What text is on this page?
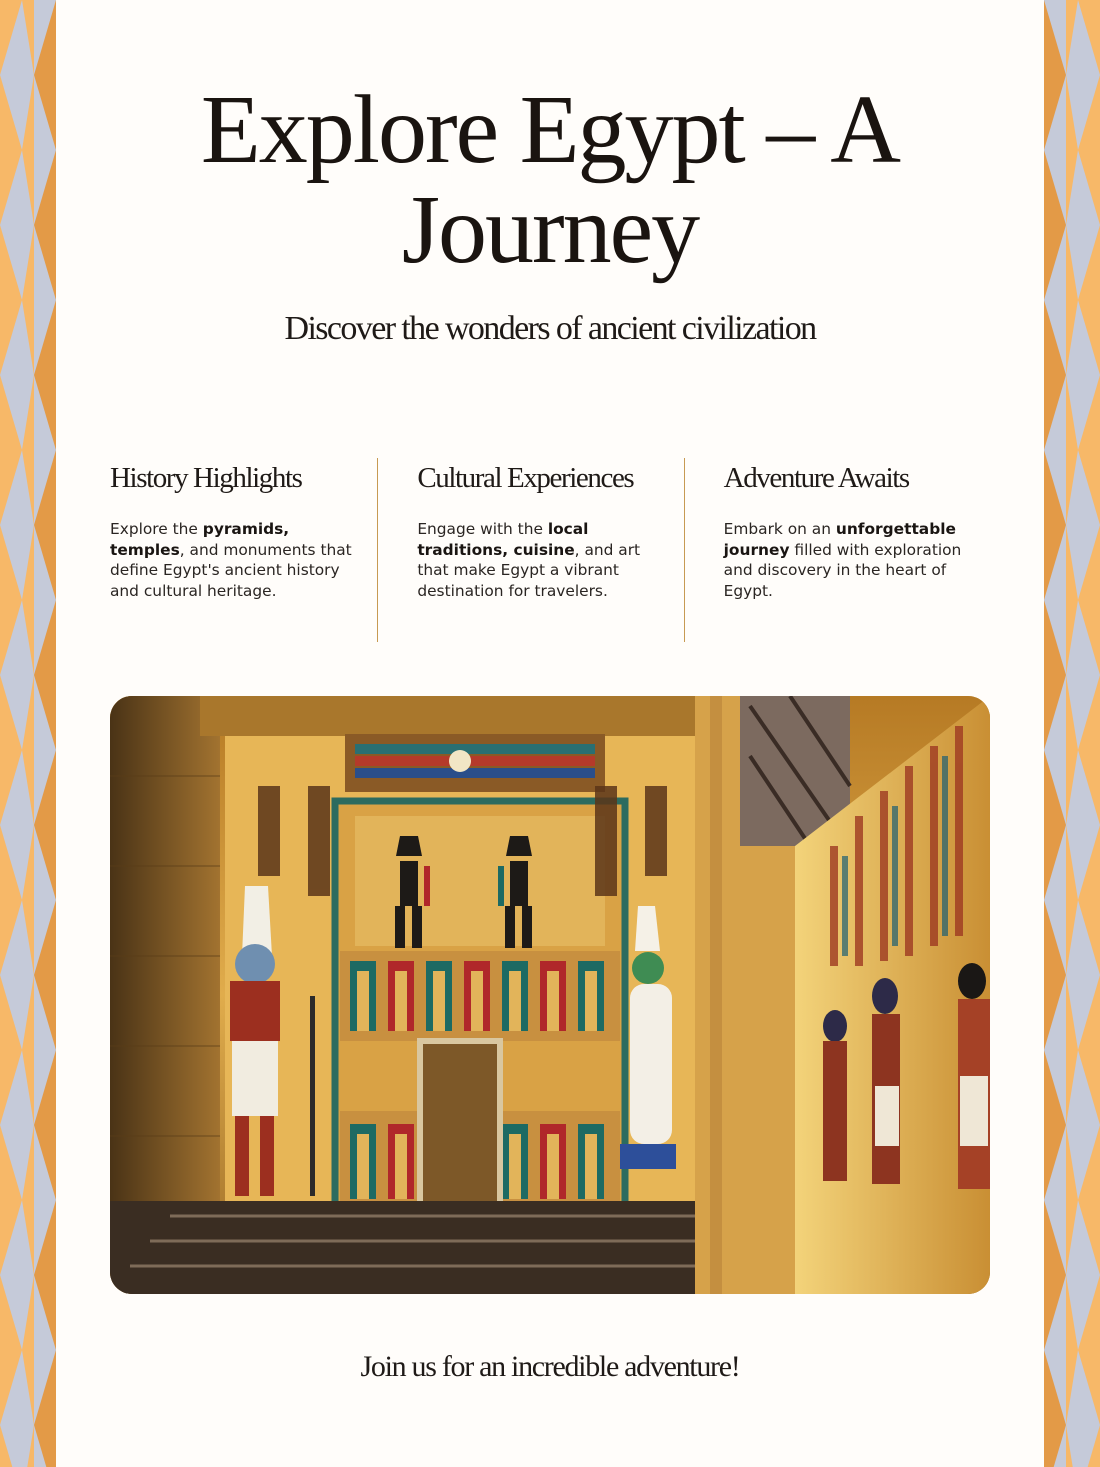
Explore Egypt – A Journey

Discover the wonders of ancient civilization

History Highlights
Explore the pyramids, temples, and monuments that define Egypt's ancient history and cultural heritage.
Cultural Experiences
Engage with the local traditions, cuisine, and art that make Egypt a vibrant destination for travelers.
Adventure Awaits
Embark on an unforgettable journey filled with exploration and discovery in the heart of Egypt.

Join us for an incredible adventure!
